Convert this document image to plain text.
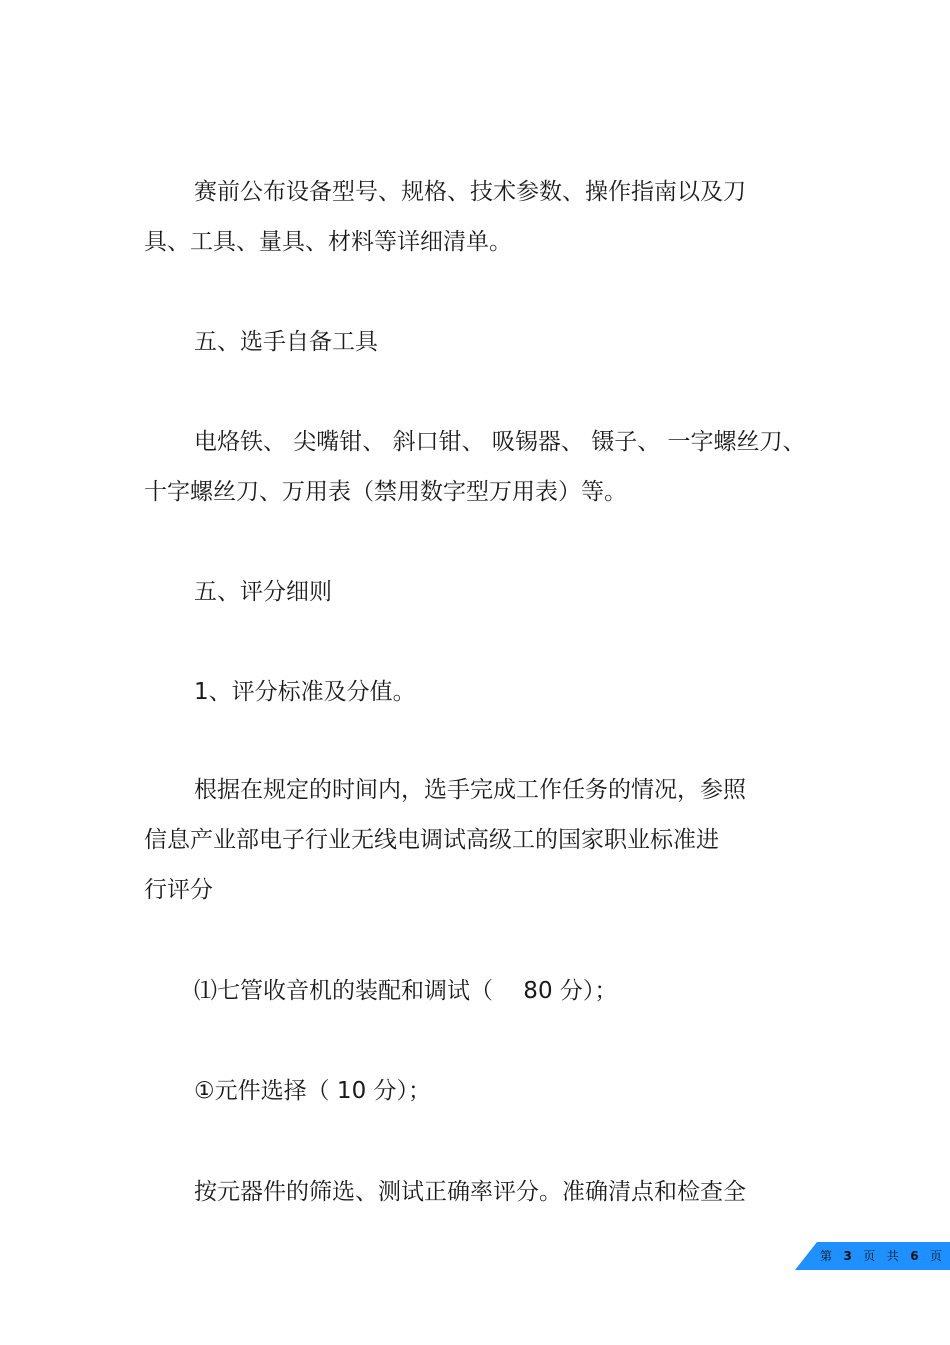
赛前公布设备型号、规格、技术参数、操作指南以及刀
具、工具、量具、材料等详细清单。
五、选手自备工具
电烙铁、 尖嘴钳、 斜口钳、 吸锡器、 镊子、 一字螺丝刀、
十字螺丝刀、万用表（禁用数字型万用表）等。
五、评分细则
1、评分标准及分值。
根据在规定的时间内，选手完成工作任务的情况，参照
信息产业部电子行业无线电调试高级工的国家职业标准进
行评分
⑴七管收音机的装配和调试（　 80 分）；
①元件选择（ 10 分）；
按元器件的筛选、测试正确率评分。准确清点和检查全
第 3 页 共 6 页
